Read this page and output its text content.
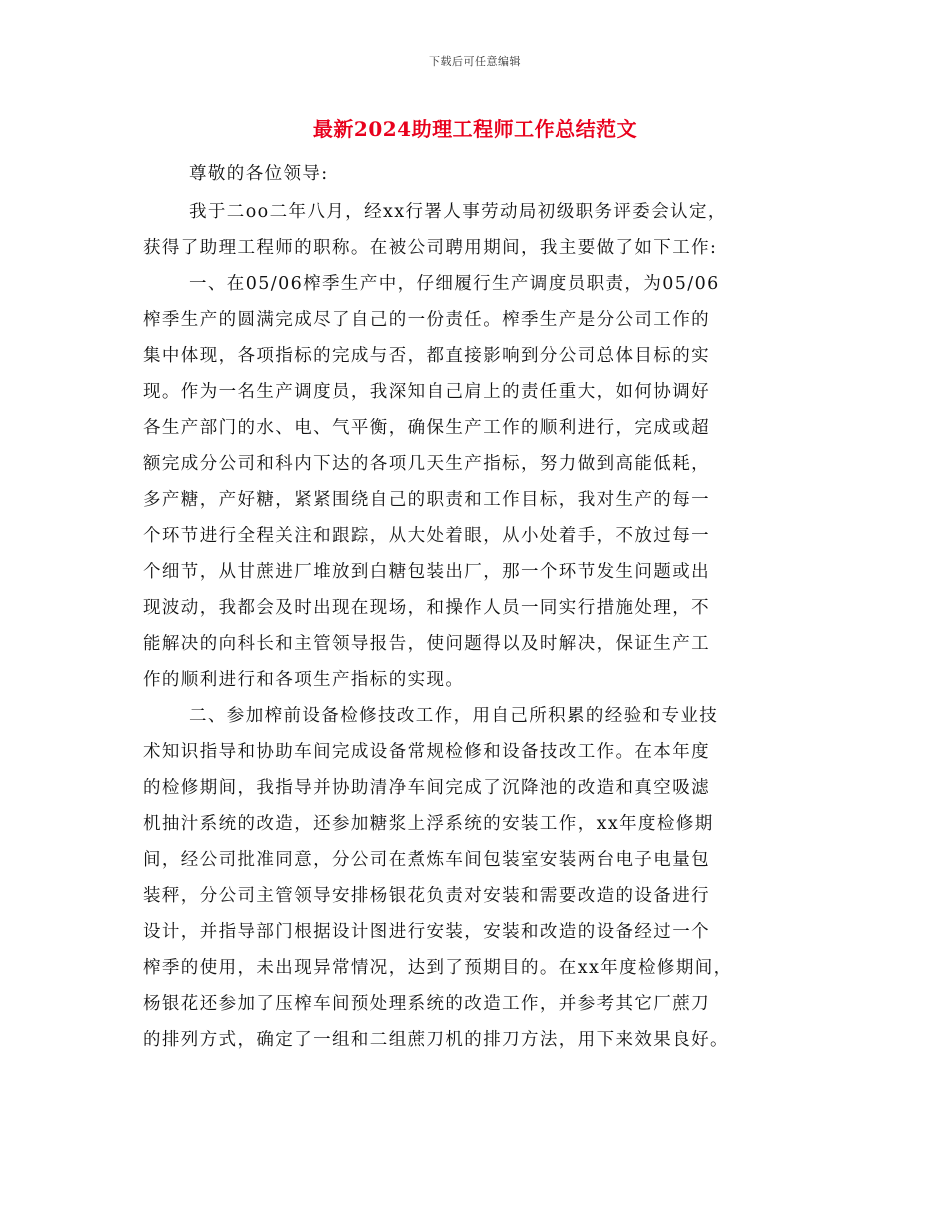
下载后可任意编辑
最新2024助理工程师工作总结范文
尊敬的各位领导:
我于二oo二年八月，经xx行署人事劳动局初级职务评委会认定，
获得了助理工程师的职称。在被公司聘用期间，我主要做了如下工作:
一、在05/06榨季生产中，仔细履行生产调度员职责，为05/06
榨季生产的圆满完成尽了自己的一份责任。榨季生产是分公司工作的
集中体现，各项指标的完成与否，都直接影响到分公司总体目标的实
现。作为一名生产调度员，我深知自己肩上的责任重大，如何协调好
各生产部门的水、电、气平衡，确保生产工作的顺利进行，完成或超
额完成分公司和科内下达的各项几天生产指标，努力做到高能低耗，
多产糖，产好糖，紧紧围绕自己的职责和工作目标，我对生产的每一
个环节进行全程关注和跟踪，从大处着眼，从小处着手，不放过每一
个细节，从甘蔗进厂堆放到白糖包装出厂，那一个环节发生问题或出
现波动，我都会及时出现在现场，和操作人员一同实行措施处理，不
能解决的向科长和主管领导报告，使问题得以及时解决，保证生产工
作的顺利进行和各项生产指标的实现。
二、参加榨前设备检修技改工作，用自己所积累的经验和专业技
术知识指导和协助车间完成设备常规检修和设备技改工作。在本年度
的检修期间，我指导并协助清净车间完成了沉降池的改造和真空吸滤
机抽汁系统的改造，还参加糖浆上浮系统的安装工作，xx年度检修期
间，经公司批准同意，分公司在煮炼车间包装室安装两台电子电量包
装秤，分公司主管领导安排杨银花负责对安装和需要改造的设备进行
设计，并指导部门根据设计图进行安装，安装和改造的设备经过一个
榨季的使用，未出现异常情况，达到了预期目的。在xx年度检修期间，
杨银花还参加了压榨车间预处理系统的改造工作，并参考其它厂蔗刀
的排列方式，确定了一组和二组蔗刀机的排刀方法，用下来效果良好。
